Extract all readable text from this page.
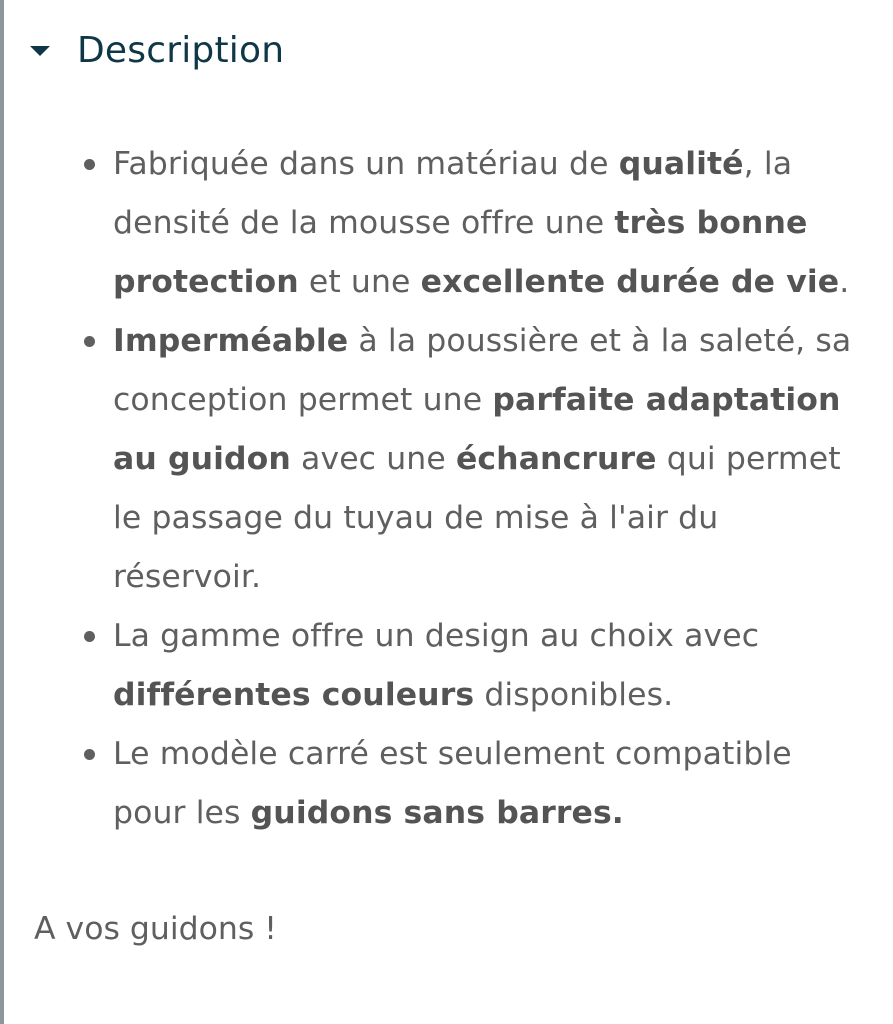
Description
Fabriquée dans un matériau de qualité, la densité de la mousse offre une très bonne protection et une excellente durée de vie.
Imperméable à la poussière et à la saleté, sa conception permet une parfaite adaptation au guidon avec une échancrure qui permet le passage du tuyau de mise à l'air du réservoir.
La gamme offre un design au choix avec différentes couleurs disponibles.
Le modèle carré est seulement compatible pour les guidons sans barres.
A vos guidons !
